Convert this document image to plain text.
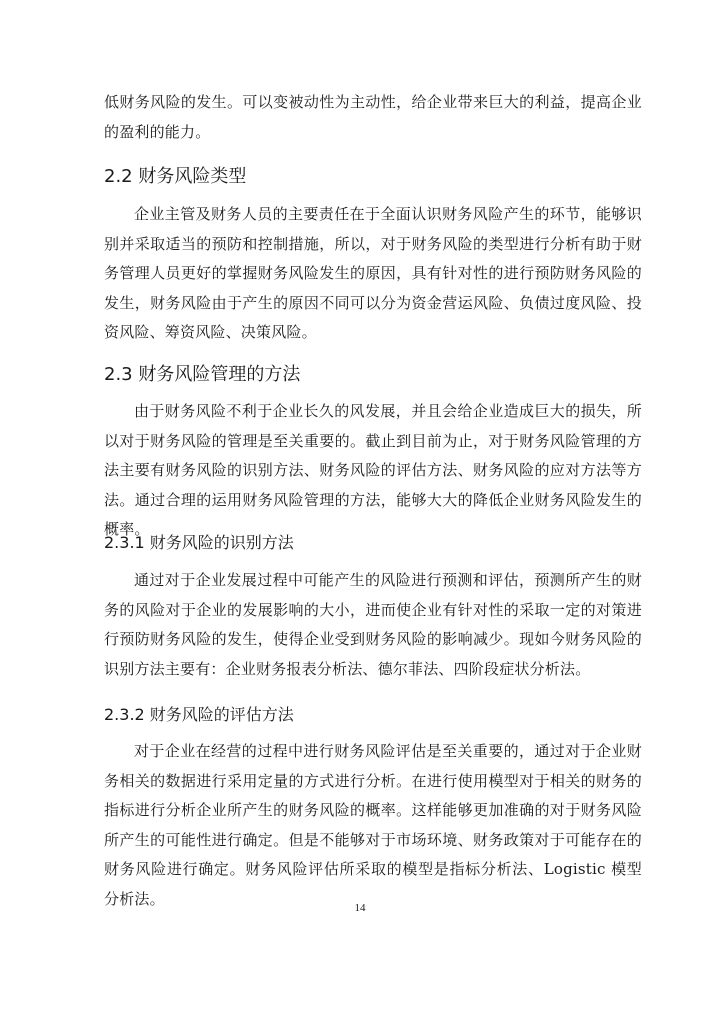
低财务风险的发生。可以变被动性为主动性，给企业带来巨大的利益，提高企业的盈利的能力。

2.2 财务风险类型

企业主管及财务人员的主要责任在于全面认识财务风险产生的环节，能够识别并采取适当的预防和控制措施，所以，对于财务风险的类型进行分析有助于财务管理人员更好的掌握财务风险发生的原因，具有针对性的进行预防财务风险的发生，财务风险由于产生的原因不同可以分为资金营运风险、负债过度风险、投资风险、筹资风险、决策风险。

2.3 财务风险管理的方法

由于财务风险不利于企业长久的风发展，并且会给企业造成巨大的损失，所以对于财务风险的管理是至关重要的。截止到目前为止，对于财务风险管理的方法主要有财务风险的识别方法、财务风险的评估方法、财务风险的应对方法等方法。通过合理的运用财务风险管理的方法，能够大大的降低企业财务风险发生的概率。

2.3.1 财务风险的识别方法

通过对于企业发展过程中可能产生的风险进行预测和评估，预测所产生的财务的风险对于企业的发展影响的大小，进而使企业有针对性的采取一定的对策进行预防财务风险的发生，使得企业受到财务风险的影响减少。现如今财务风险的识别方法主要有：企业财务报表分析法、德尔菲法、四阶段症状分析法。

2.3.2 财务风险的评估方法

对于企业在经营的过程中进行财务风险评估是至关重要的，通过对于企业财务相关的数据进行采用定量的方式进行分析。在进行使用模型对于相关的财务的指标进行分析企业所产生的财务风险的概率。这样能够更加准确的对于财务风险所产生的可能性进行确定。但是不能够对于市场环境、财务政策对于可能存在的财务风险进行确定。财务风险评估所采取的模型是指标分析法、Logistic 模型分析法。

14
